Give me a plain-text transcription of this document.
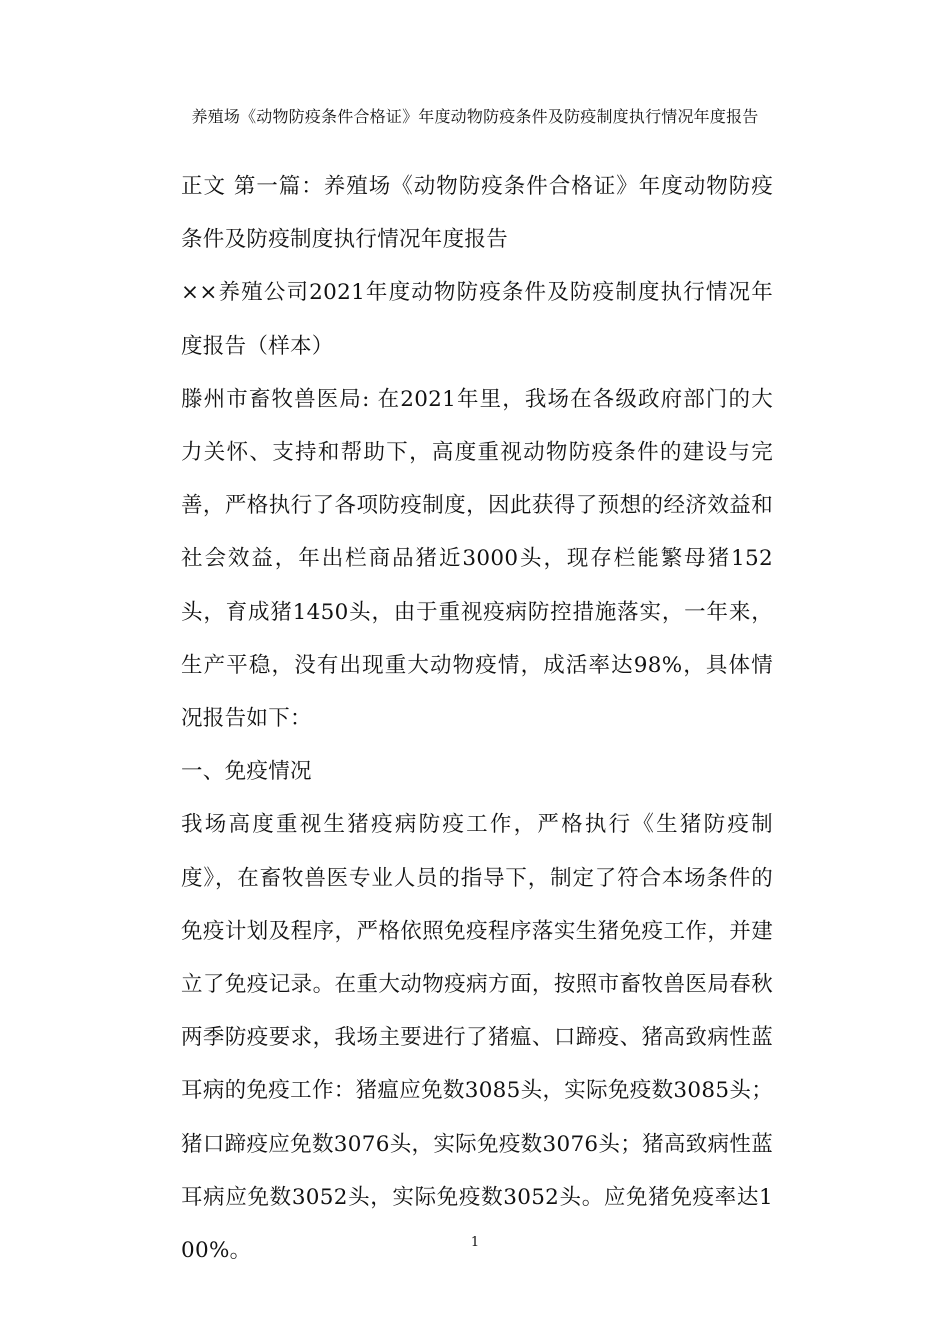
养殖场《动物防疫条件合格证》年度动物防疫条件及防疫制度执行情况年度报告

正文 第一篇：养殖场《动物防疫条件合格证》年度动物防疫条件及防疫制度执行情况年度报告

××养殖公司2021年度动物防疫条件及防疫制度执行情况年度报告（样本）

滕州市畜牧兽医局: 在2021年里，我场在各级政府部门的大力关怀、支持和帮助下，高度重视动物防疫条件的建设与完善，严格执行了各项防疫制度，因此获得了预想的经济效益和社会效益，年出栏商品猪近3000头，现存栏能繁母猪152头，育成猪1450头，由于重视疫病防控措施落实，一年来，生产平稳，没有出现重大动物疫情，成活率达98%，具体情况报告如下：

一、免疫情况

我场高度重视生猪疫病防疫工作，严格执行《生猪防疫制度》，在畜牧兽医专业人员的指导下，制定了符合本场条件的免疫计划及程序，严格依照免疫程序落实生猪免疫工作，并建立了免疫记录。在重大动物疫病方面，按照市畜牧兽医局春秋两季防疫要求，我场主要进行了猪瘟、口蹄疫、猪高致病性蓝耳病的免疫工作：猪瘟应免数3085头，实际免疫数3085头；猪口蹄疫应免数3076头，实际免疫数3076头；猪高致病性蓝耳病应免数3052头，实际免疫数3052头。应免猪免疫率达100%。	1
